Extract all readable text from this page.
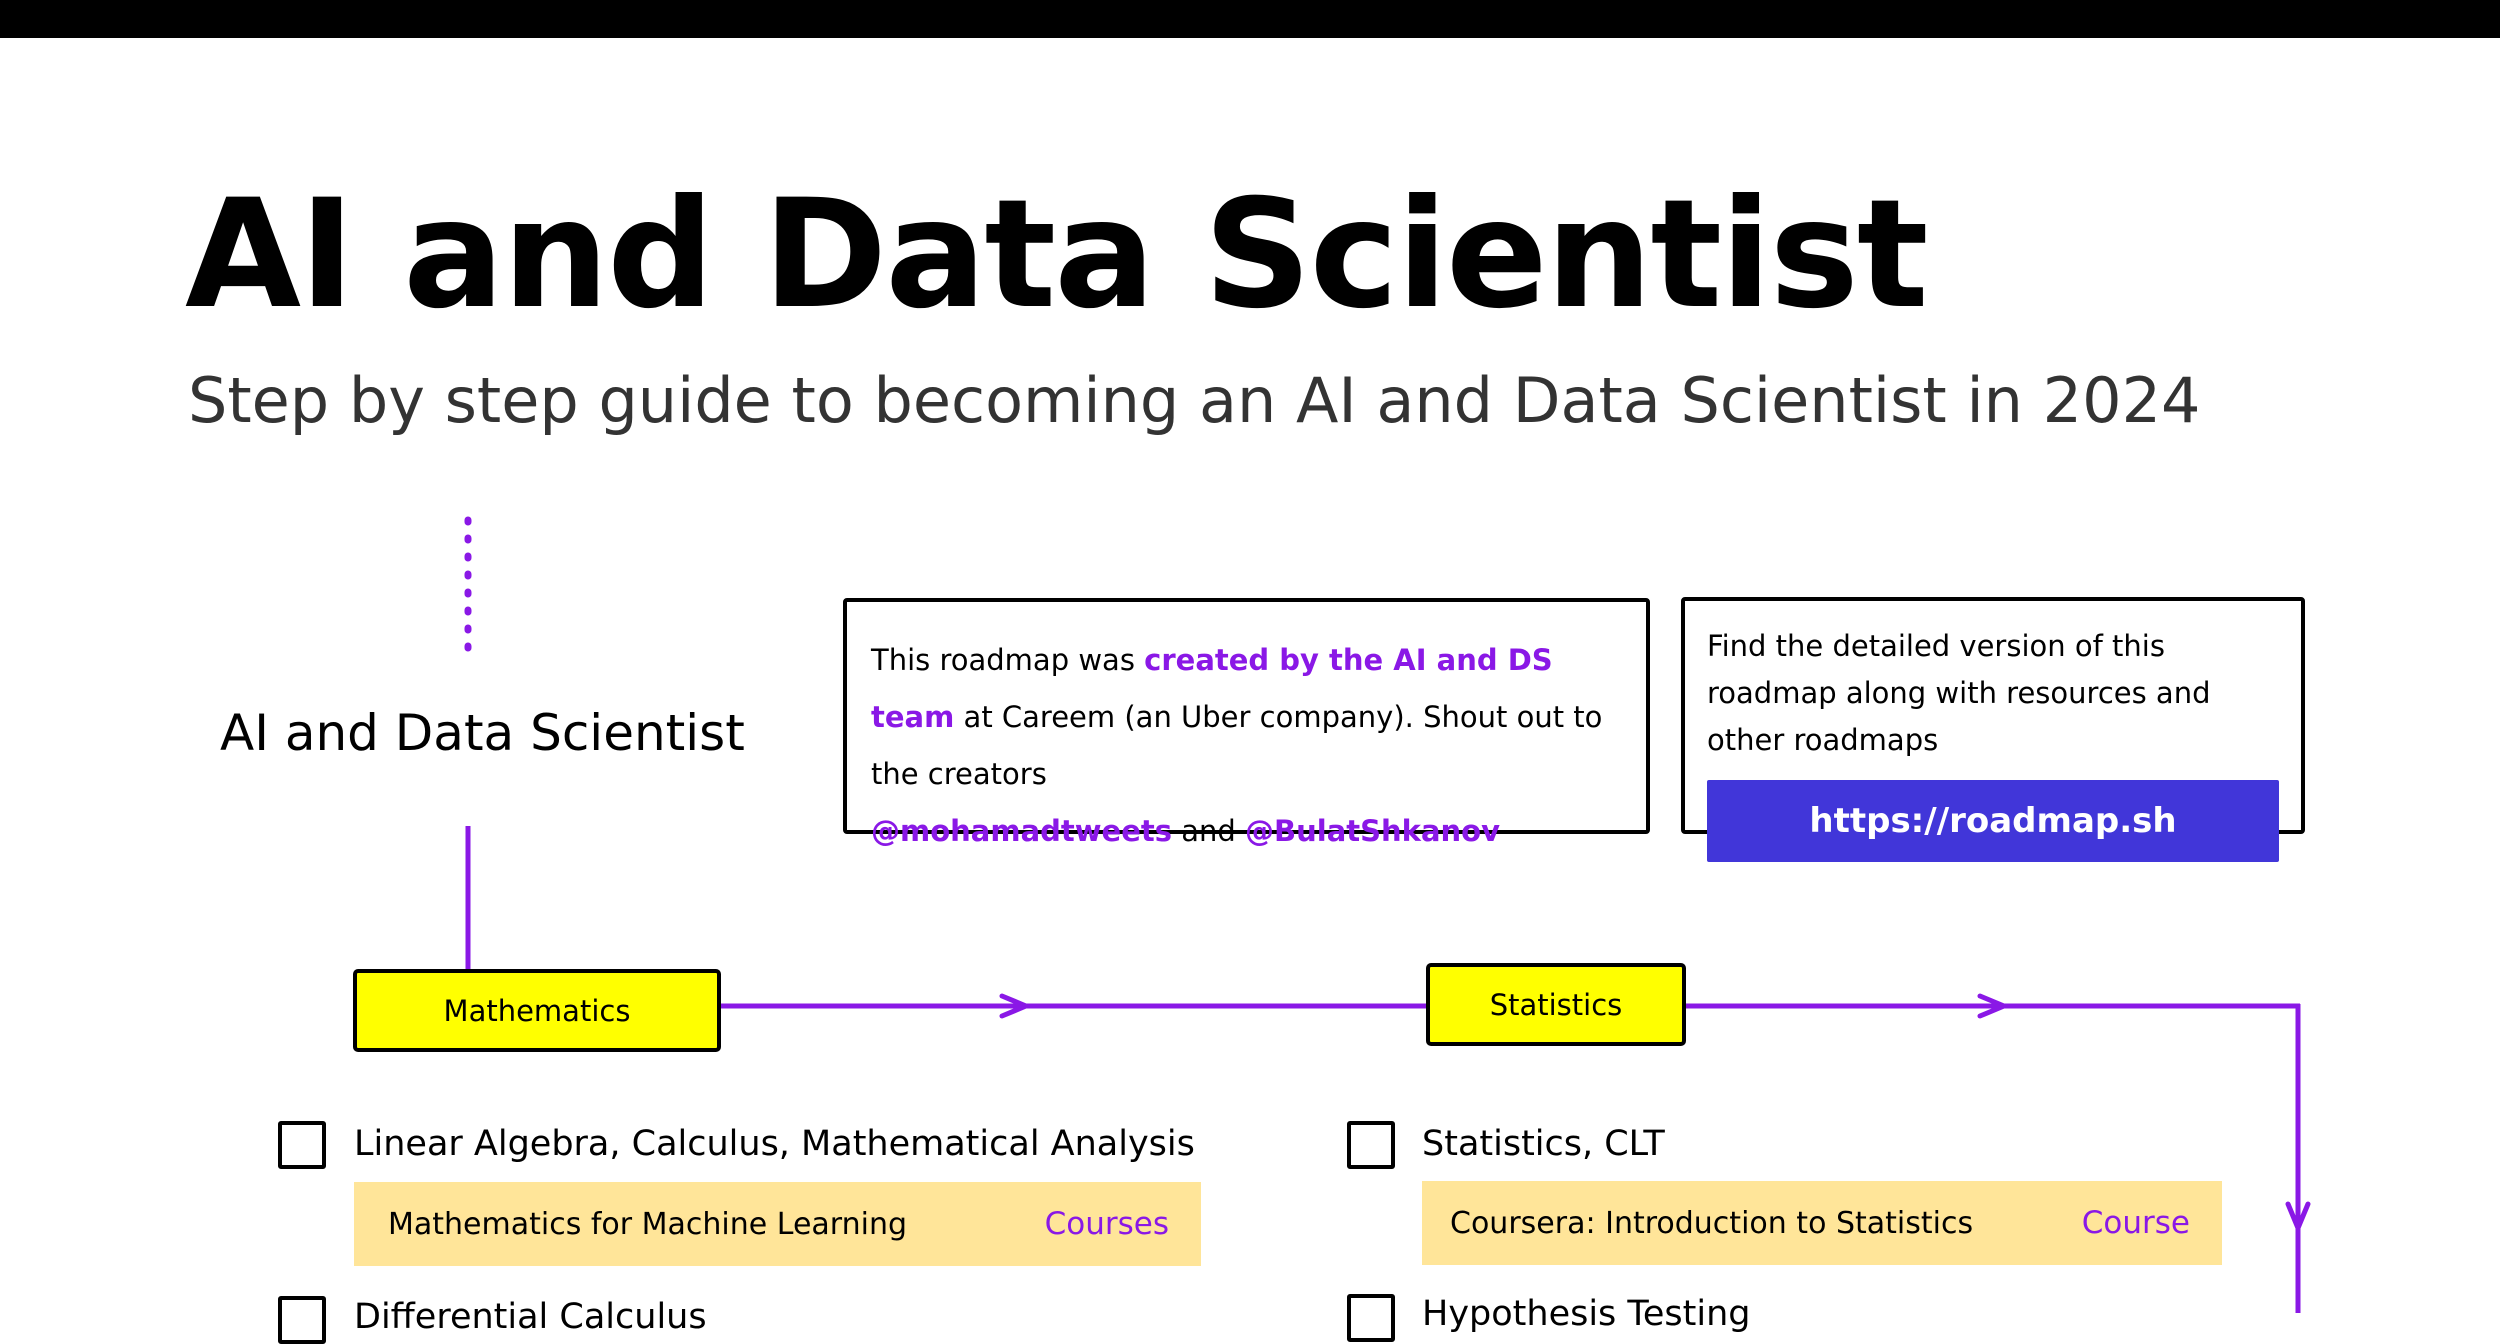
AI and Data Scientist
Step by step guide to becoming an AI and Data Scientist in 2024
AI and Data Scientist
This roadmap was created by the AI and DS team at Careem (an Uber company). Shout out to the creators
@mohamadtweets and @BulatShkanov
Find the detailed version of this roadmap along with resources and other roadmaps
https://roadmap.sh
Mathematics	Statistics
Linear Algebra, Calculus, Mathematical Analysis
Mathematics for Machine Learning	Courses
Differential Calculus
Statistics, CLT
Coursera: Introduction to Statistics	Course
Hypothesis Testing
